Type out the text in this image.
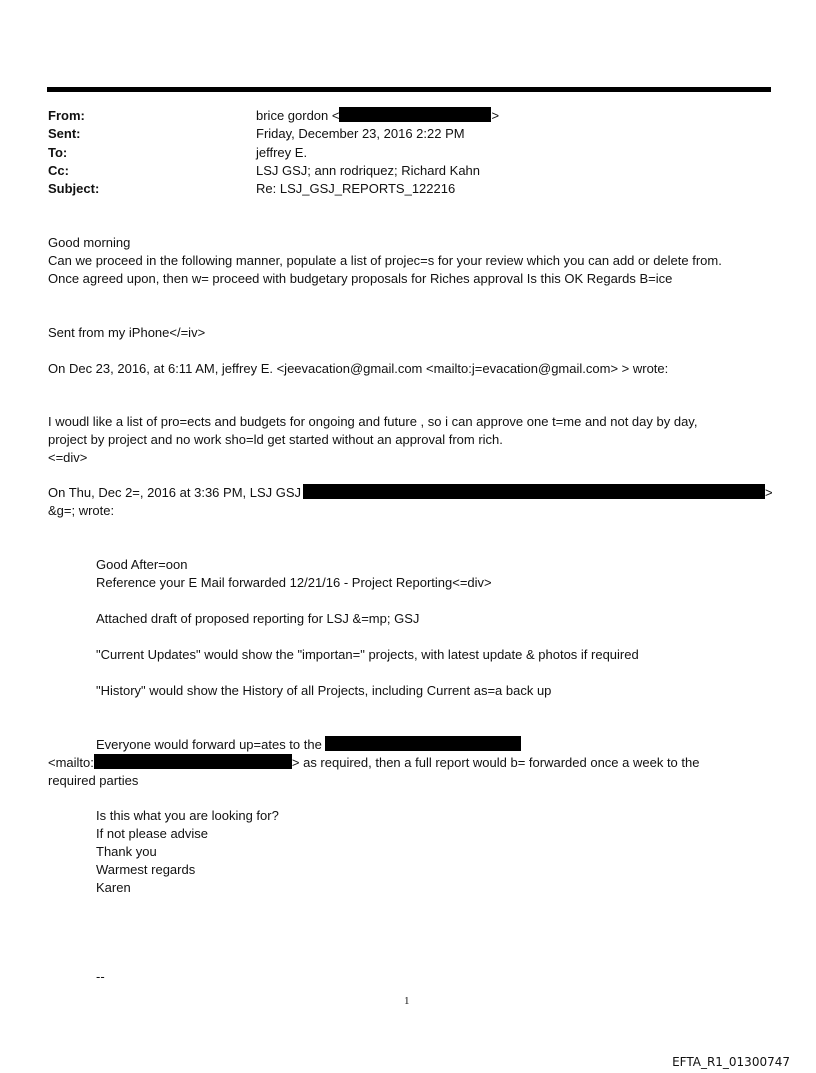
From:	brice gordon <	>
Sent:	Friday, December 23, 2016 2:22 PM
To:	jeffrey E.
Cc:	LSJ GSJ; ann rodriquez; Richard Kahn
Subject:	Re: LSJ_GSJ_REPORTS_122216
Good morning
Can we proceed in the following manner, populate a list of projec=s for your review which you can add or delete from.
Once agreed upon, then w= proceed with budgetary proposals for Riches approval Is this OK Regards B=ice
Sent from my iPhone</=iv>
On Dec 23, 2016, at 6:11 AM, jeffrey E. <jeevacation@gmail.com <mailto:j=evacation@gmail.com> > wrote:
I woudl like a list of pro=ects and budgets for ongoing and future , so i can approve one t=me and not day by day,
project by project and no work sho=ld get started without an approval from rich.
<=div>
On Thu, Dec 2=, 2016 at 3:36 PM, LSJ GSJ	>
&g=; wrote:
Good After=oon
Reference your E Mail forwarded 12/21/16 - Project Reporting<=div>
Attached draft of proposed reporting for LSJ &=mp; GSJ
"Current Updates" would show the "importan=" projects, with latest update & photos if required
"History" would show the History of all Projects, including Current as=a back up
Everyone would forward up=ates to the
<mailto:	> as required, then a full report would b= forwarded once a week to the
required parties
Is this what you are looking for?
If not please advise
Thank you
Warmest regards
Karen
--
1
EFTA_R1_01300747
